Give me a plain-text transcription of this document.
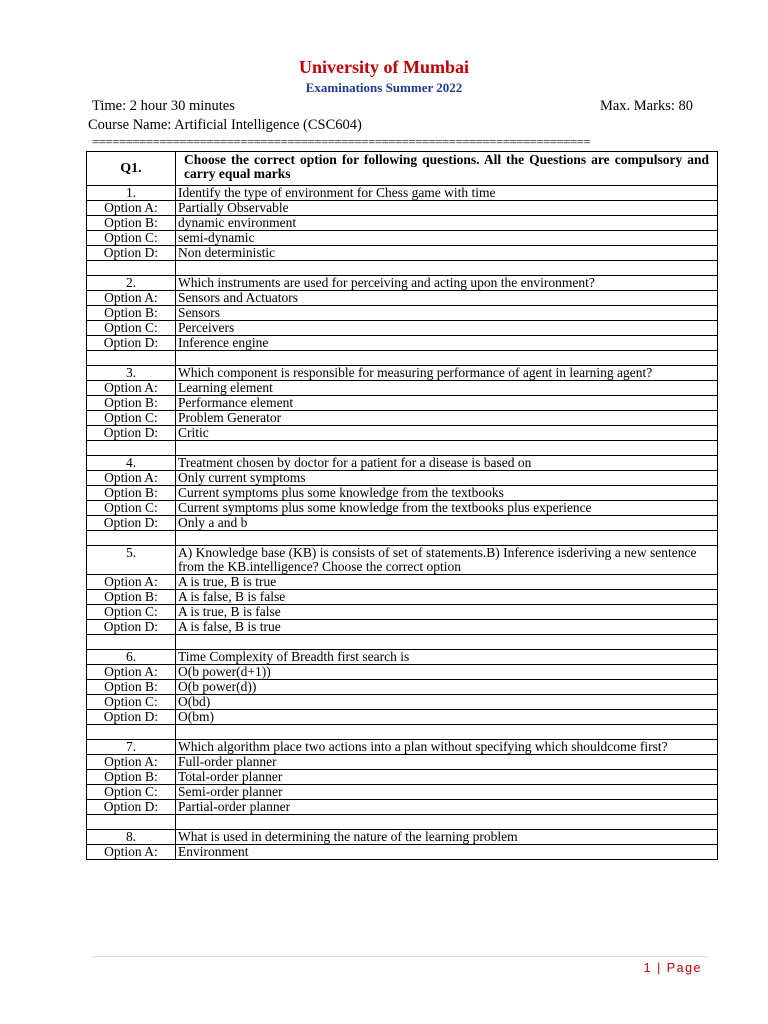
University of Mumbai
Examinations Summer 2022
Time: 2 hour 30 minutes	Max. Marks: 80
Course Name: Artificial Intelligence (CSC604)
==========================================================================
Q1.	Choose the correct option for following questions. All the Questions are compulsory and carry equal marks
1.	Identify the type of environment for Chess game with time
Option A:	Partially Observable
Option B:	dynamic environment
Option C:	semi-dynamic
Option D:	Non deterministic

2.	Which instruments are used for perceiving and acting upon the environment?
Option A:	Sensors and Actuators
Option B:	Sensors
Option C:	Perceivers
Option D:	Inference engine

3.	Which component is responsible for measuring performance of agent in learning agent?
Option A:	Learning element
Option B:	Performance element
Option C:	Problem Generator
Option D:	Critic

4.	Treatment chosen by doctor for a patient for a disease is based on
Option A:	Only current symptoms
Option B:	Current symptoms plus some knowledge from the textbooks
Option C:	Current symptoms plus some knowledge from the textbooks plus experience
Option D:	Only a and b

5.	A) Knowledge base (KB) is consists of set of statements.B) Inference isderiving a new sentence from the KB.intelligence? Choose the correct option
Option A:	A is true, B is true
Option B:	A is false, B is false
Option C:	A is true, B is false
Option D:	A is false, B is true

6.	Time Complexity of Breadth first search is
Option A:	O(b power(d+1))
Option B:	O(b power(d))
Option C:	O(bd)
Option D:	O(bm)

7.	Which algorithm place two actions into a plan without specifying which shouldcome first?
Option A:	Full-order planner
Option B:	Total-order planner
Option C:	Semi-order planner
Option D:	Partial-order planner

8.	What is used in determining the nature of the learning problem
Option A:	Environment
1 | Page
